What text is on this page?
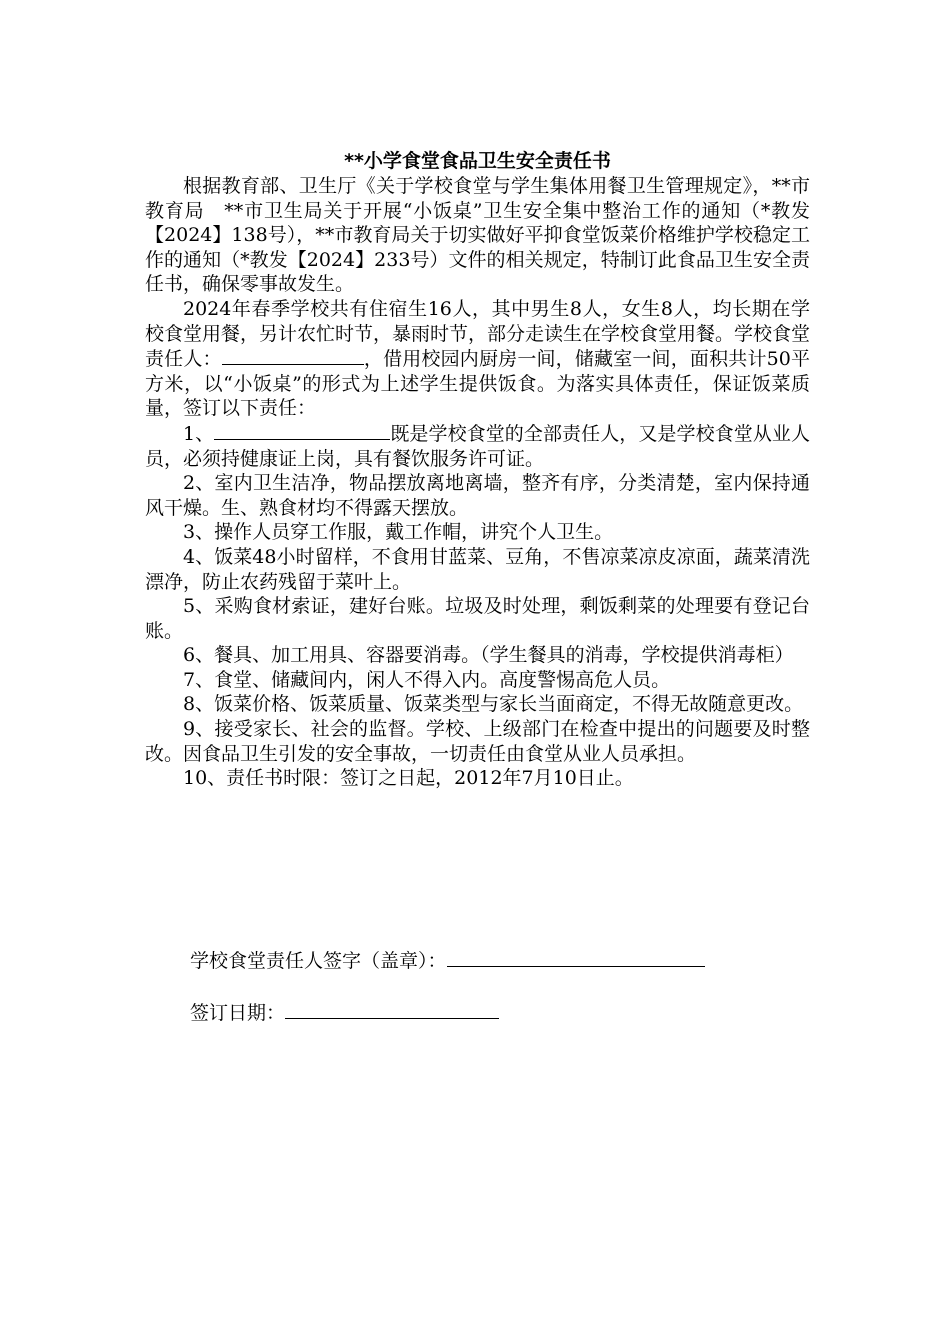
**小学食堂食品卫生安全责任书

根据教育部、卫生厅《关于学校食堂与学生集体用餐卫生管理规定》，**市教育局　**市卫生局关于开展“小饭桌”卫生安全集中整治工作的通知（*教发【2024】138号），**市教育局关于切实做好平抑食堂饭菜价格维护学校稳定工作的通知（*教发【2024】233号）文件的相关规定，特制订此食品卫生安全责任书，确保零事故发生。

2024年春季学校共有住宿生16人，其中男生8人，女生8人，均长期在学校食堂用餐，另计农忙时节，暴雨时节，部分走读生在学校食堂用餐。学校食堂责任人：	，借用校园内厨房一间，储藏室一间，面积共计50平方米，以“小饭桌”的形式为上述学生提供饭食。为落实具体责任，保证饭菜质量，签订以下责任：

1、	既是学校食堂的全部责任人，又是学校食堂从业人员，必须持健康证上岗，具有餐饮服务许可证。

2、室内卫生洁净，物品摆放离地离墙，整齐有序，分类清楚，室内保持通风干燥。生、熟食材均不得露天摆放。

3、操作人员穿工作服，戴工作帽，讲究个人卫生。

4、饭菜48小时留样，不食用甘蓝菜、豆角，不售凉菜凉皮凉面，蔬菜清洗漂净，防止农药残留于菜叶上。

5、采购食材索证，建好台账。垃圾及时处理，剩饭剩菜的处理要有登记台账。

6、餐具、加工用具、容器要消毒。（学生餐具的消毒，学校提供消毒柜）

7、食堂、储藏间内，闲人不得入内。高度警惕高危人员。

8、饭菜价格、饭菜质量、饭菜类型与家长当面商定，不得无故随意更改。

9、接受家长、社会的监督。学校、上级部门在检查中提出的问题要及时整改。因食品卫生引发的安全事故，一切责任由食堂从业人员承担。

10、责任书时限：签订之日起，2012年7月10日止。

学校食堂责任人签字（盖章）：
签订日期：
